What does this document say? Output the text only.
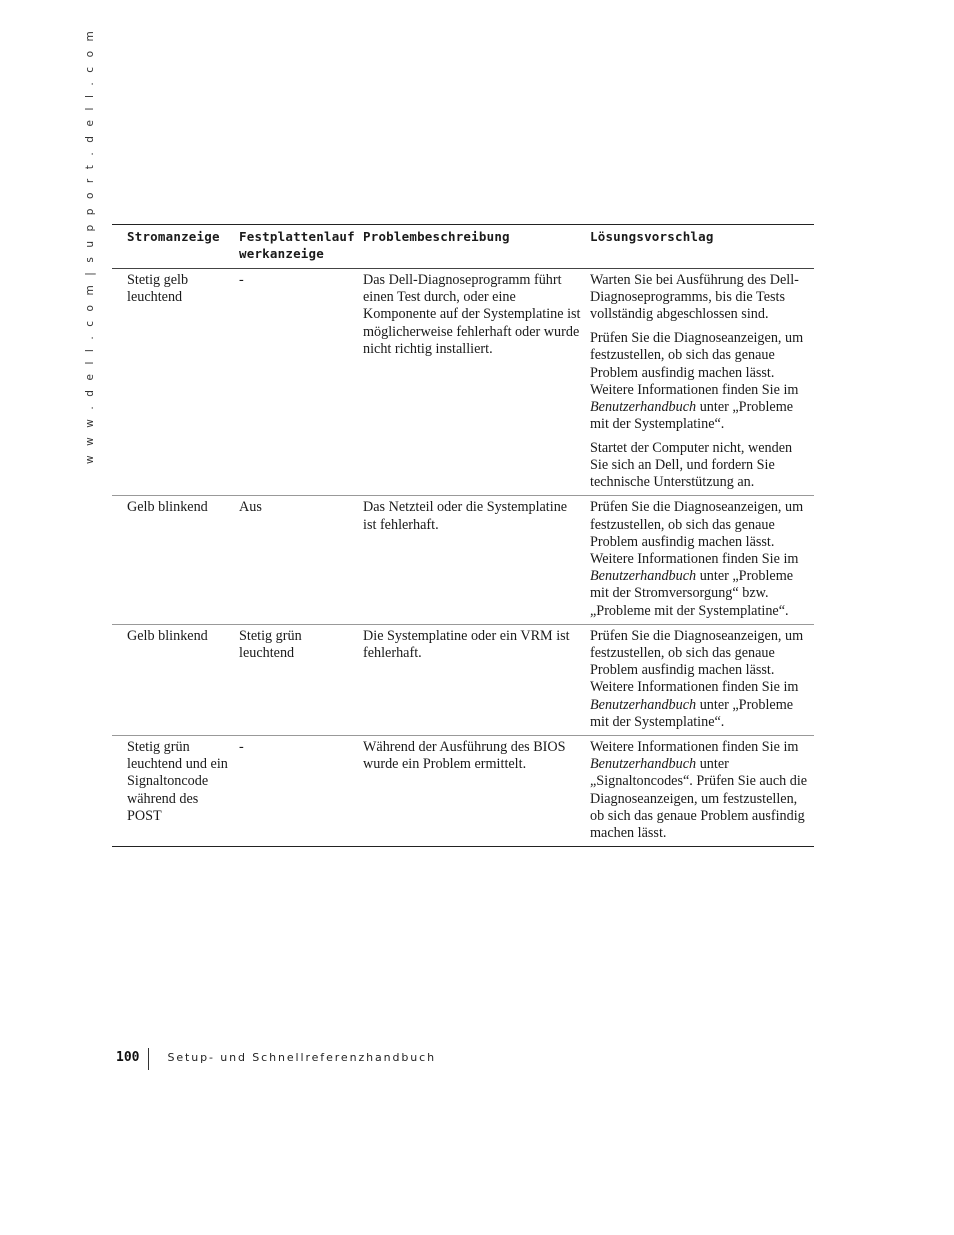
w w w . d e l l . c o m | s u p p o r t . d e l l . c o m	Stromanzeige	Festplattenlauf werkanzeige	Problembeschreibung	Lösungsvorschlag
Stetig gelb leuchtend	-	Das Dell-Diagnoseprogramm führt einen Test durch, oder eine Komponente auf der Systemplatine ist möglicherweise fehlerhaft oder wurde nicht richtig installiert.	Warten Sie bei Ausführung des Dell-Diagnoseprogramms, bis die Tests vollständig abgeschlossen sind.
Prüfen Sie die Diagnoseanzeigen, um festzustellen, ob sich das genaue Problem ausfindig machen lässt. Weitere Informationen finden Sie im Benutzerhandbuch unter „Probleme mit der Systemplatine“.
Startet der Computer nicht, wenden Sie sich an Dell, und fordern Sie technische Unterstützung an.

Gelb blinkend	Aus	Das Netzteil oder die Systemplatine ist fehlerhaft.	Prüfen Sie die Diagnoseanzeigen, um festzustellen, ob sich das genaue Problem ausfindig machen lässt. Weitere Informationen finden Sie im Benutzerhandbuch unter „Probleme mit der Stromversorgung“ bzw. „Probleme mit der Systemplatine“.

Gelb blinkend	Stetig grün leuchtend	Die Systemplatine oder ein VRM ist fehlerhaft.	Prüfen Sie die Diagnoseanzeigen, um festzustellen, ob sich das genaue Problem ausfindig machen lässt. Weitere Informationen finden Sie im Benutzerhandbuch unter „Probleme mit der Systemplatine“.

Stetig grün leuchtend und ein Signaltoncode während des POST	-	Während der Ausführung des BIOS wurde ein Problem ermittelt.	Weitere Informationen finden Sie im Benutzerhandbuch unter „Signaltoncodes“. Prüfen Sie auch die Diagnoseanzeigen, um festzustellen, ob sich das genaue Problem ausfindig machen lässt.
100	Setup- und Schnellreferenzhandbuch
